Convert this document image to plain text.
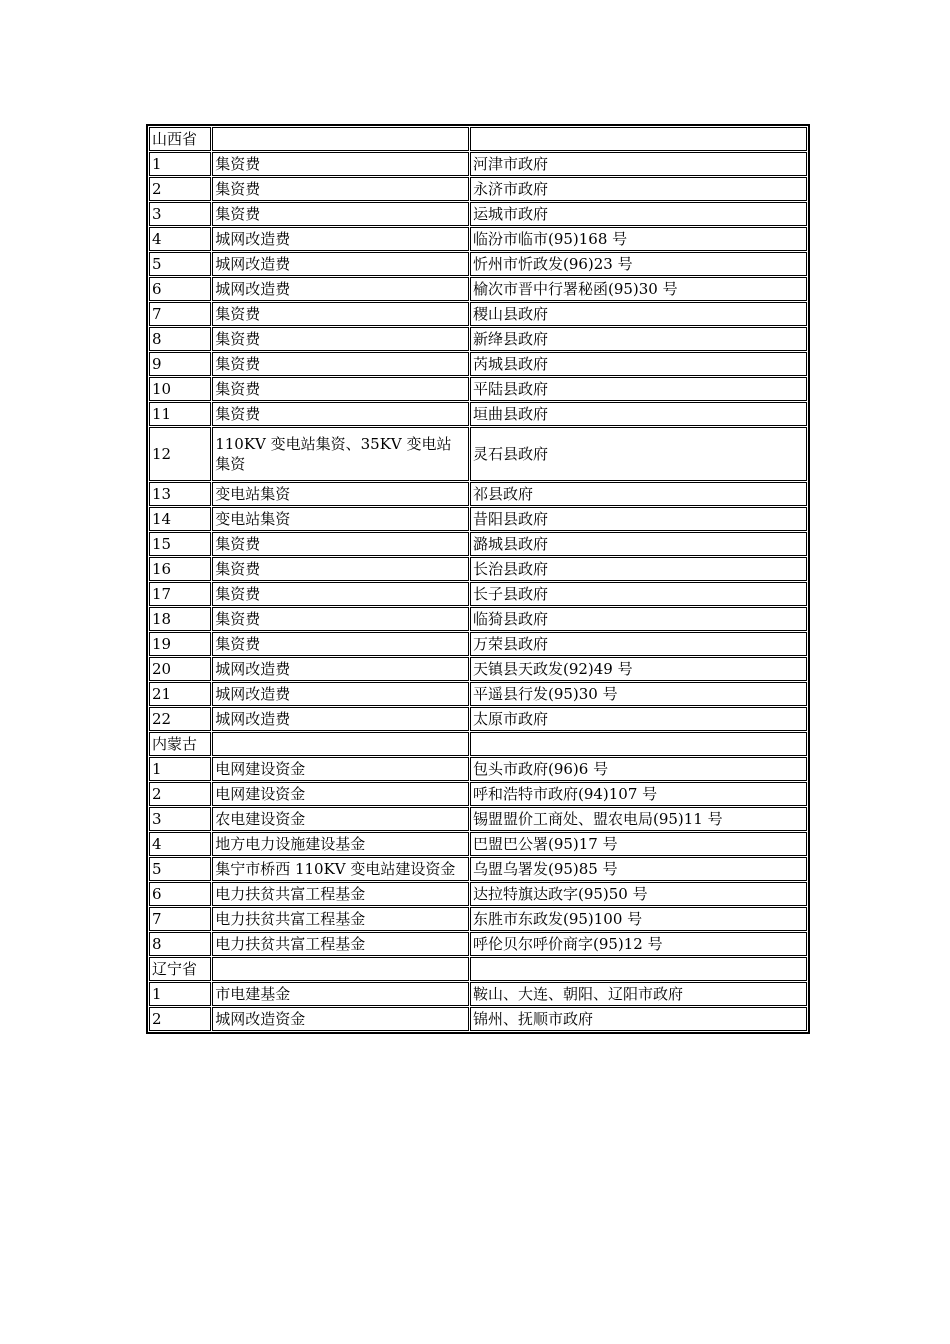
山西省		
1	集资费	河津市政府
2	集资费	永济市政府
3	集资费	运城市政府
4	城网改造费	临汾市临市(95)168 号
5	城网改造费	忻州市忻政发(96)23 号
6	城网改造费	榆次市晋中行署秘函(95)30 号
7	集资费	稷山县政府
8	集资费	新绛县政府
9	集资费	芮城县政府
10	集资费	平陆县政府
11	集资费	垣曲县政府
12	110KV 变电站集资、35KV 变电站集资	灵石县政府
13	变电站集资	祁县政府
14	变电站集资	昔阳县政府
15	集资费	潞城县政府
16	集资费	长治县政府
17	集资费	长子县政府
18	集资费	临猗县政府
19	集资费	万荣县政府
20	城网改造费	天镇县天政发(92)49 号
21	城网改造费	平遥县行发(95)30 号
22	城网改造费	太原市政府
内蒙古		
1	电网建设资金	包头市政府(96)6 号
2	电网建设资金	呼和浩特市政府(94)107 号
3	农电建设资金	锡盟盟价工商处、盟农电局(95)11 号
4	地方电力设施建设基金	巴盟巴公署(95)17 号
5	集宁市桥西 110KV 变电站建设资金	乌盟乌署发(95)85 号
6	电力扶贫共富工程基金	达拉特旗达政字(95)50 号
7	电力扶贫共富工程基金	东胜市东政发(95)100 号
8	电力扶贫共富工程基金	呼伦贝尔呼价商字(95)12 号
辽宁省		
1	市电建基金	鞍山、大连、朝阳、辽阳市政府
2	城网改造资金	锦州、抚顺市政府
